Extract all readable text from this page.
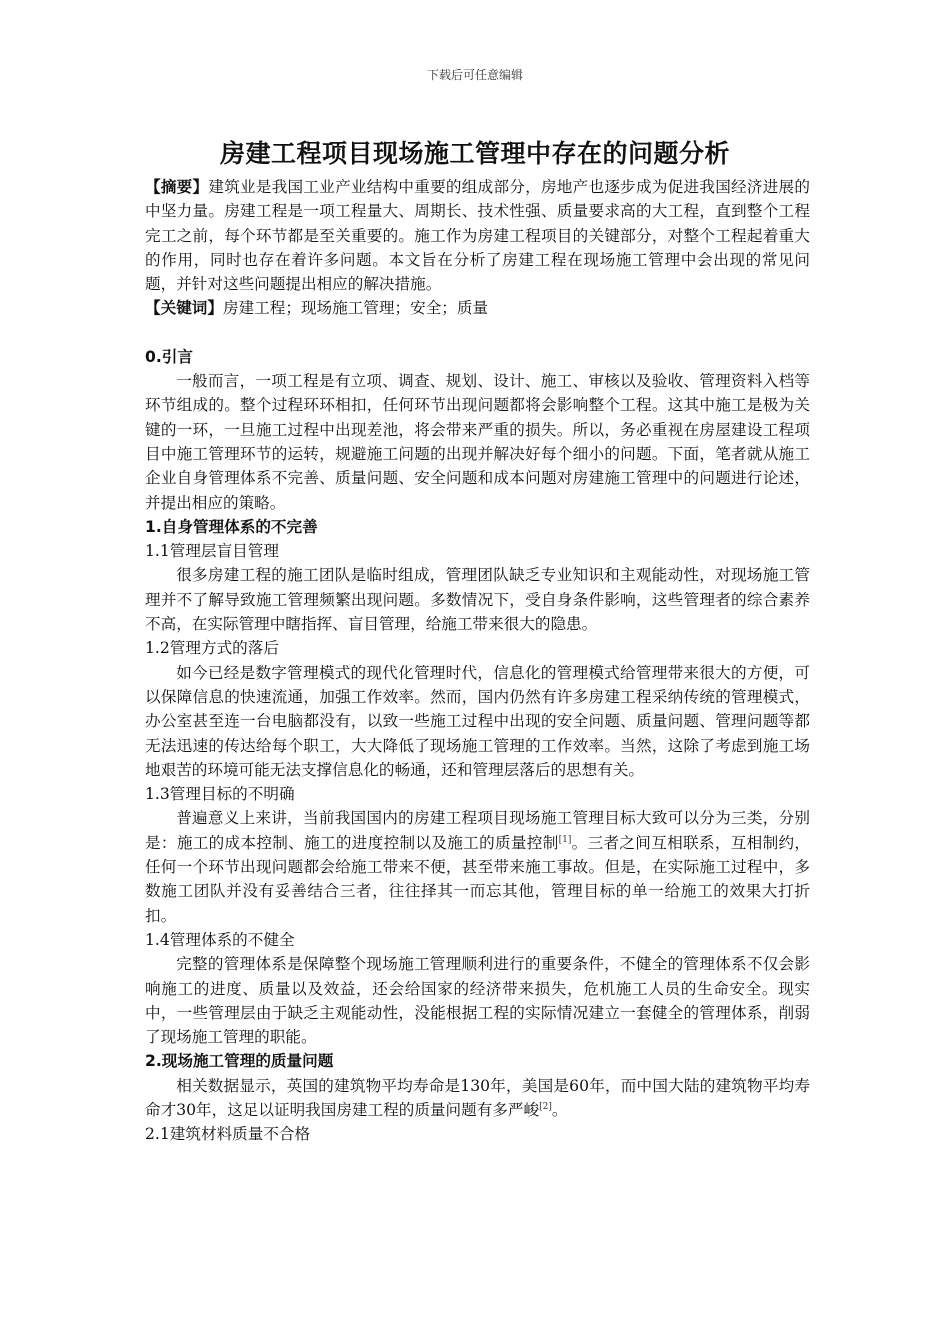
下载后可任意编辑
房建工程项目现场施工管理中存在的问题分析

【摘要】建筑业是我国工业产业结构中重要的组成部分，房地产也逐步成为促进我国经济进展的中坚力量。房建工程是一项工程量大、周期长、技术性强、质量要求高的大工程，直到整个工程完工之前，每个环节都是至关重要的。施工作为房建工程项目的关键部分，对整个工程起着重大的作用，同时也存在着许多问题。本文旨在分析了房建工程在现场施工管理中会出现的常见问题，并针对这些问题提出相应的解决措施。

【关键词】房建工程；现场施工管理；安全；质量

0.引言

一般而言，一项工程是有立项、调查、规划、设计、施工、审核以及验收、管理资料入档等环节组成的。整个过程环环相扣，任何环节出现问题都将会影响整个工程。这其中施工是极为关键的一环，一旦施工过程中出现差池，将会带来严重的损失。所以，务必重视在房屋建设工程项目中施工管理环节的运转，规避施工问题的出现并解决好每个细小的问题。下面，笔者就从施工企业自身管理体系不完善、质量问题、安全问题和成本问题对房建施工管理中的问题进行论述，并提出相应的策略。

1.自身管理体系的不完善

1.1管理层盲目管理

很多房建工程的施工团队是临时组成，管理团队缺乏专业知识和主观能动性，对现场施工管理并不了解导致施工管理频繁出现问题。多数情况下，受自身条件影响，这些管理者的综合素养不高，在实际管理中瞎指挥、盲目管理，给施工带来很大的隐患。

1.2管理方式的落后

如今已经是数字管理模式的现代化管理时代，信息化的管理模式给管理带来很大的方便，可以保障信息的快速流通，加强工作效率。然而，国内仍然有许多房建工程采纳传统的管理模式，办公室甚至连一台电脑都没有，以致一些施工过程中出现的安全问题、质量问题、管理问题等都无法迅速的传达给每个职工，大大降低了现场施工管理的工作效率。当然，这除了考虑到施工场地艰苦的环境可能无法支撑信息化的畅通，还和管理层落后的思想有关。

1.3管理目标的不明确

普遍意义上来讲，当前我国国内的房建工程项目现场施工管理目标大致可以分为三类，分别是：施工的成本控制、施工的进度控制以及施工的质量控制[1]。三者之间互相联系，互相制约，任何一个环节出现问题都会给施工带来不便，甚至带来施工事故。但是，在实际施工过程中，多数施工团队并没有妥善结合三者，往往择其一而忘其他，管理目标的单一给施工的效果大打折扣。

1.4管理体系的不健全

完整的管理体系是保障整个现场施工管理顺利进行的重要条件，不健全的管理体系不仅会影响施工的进度、质量以及效益，还会给国家的经济带来损失，危机施工人员的生命安全。现实中，一些管理层由于缺乏主观能动性，没能根据工程的实际情况建立一套健全的管理体系，削弱了现场施工管理的职能。

2.现场施工管理的质量问题

相关数据显示，英国的建筑物平均寿命是130年，美国是60年，而中国大陆的建筑物平均寿命才30年，这足以证明我国房建工程的质量问题有多严峻[2]。

2.1建筑材料质量不合格
